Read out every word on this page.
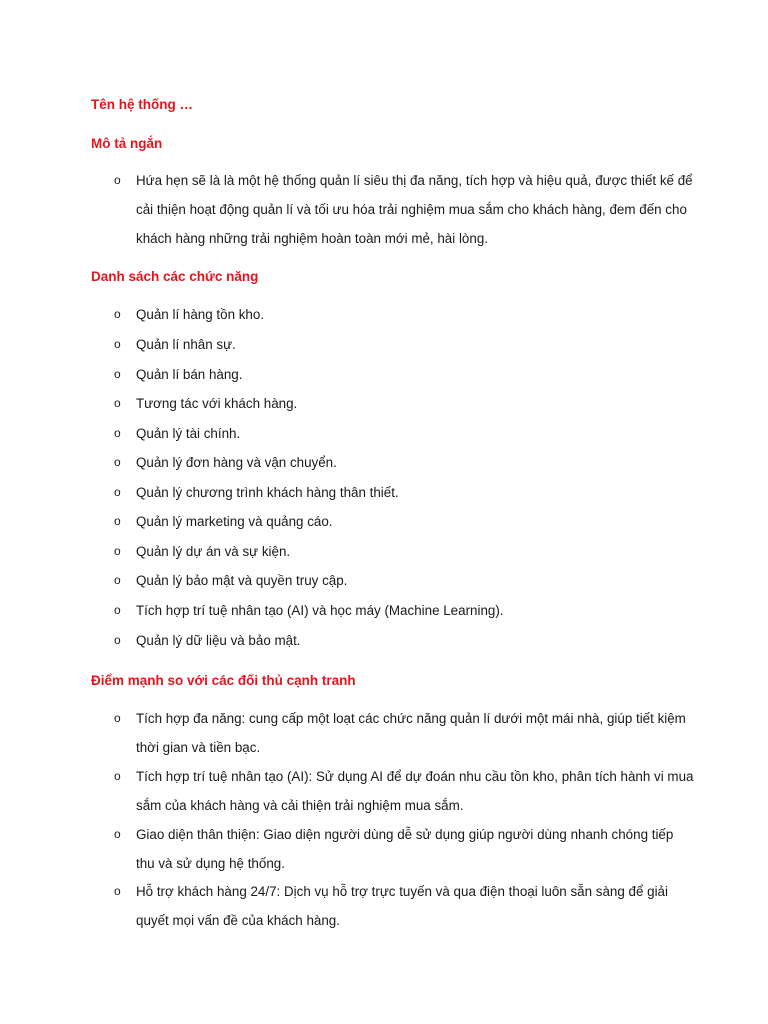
Tên hệ thống …
Mô tả ngắn
o Hứa hẹn sẽ là là một hệ thống quản lí siêu thị đa năng, tích hợp và hiệu quả, được thiết kế để cải thiện hoạt động quản lí và tối ưu hóa trải nghiệm mua sắm cho khách hàng, đem đến cho khách hàng những trải nghiệm hoàn toàn mới mẻ, hài lòng.
Danh sách các chức năng
o Quản lí hàng tồn kho.
o Quản lí nhân sự.
o Quản lí bán hàng.
o Tương tác với khách hàng.
o Quản lý tài chính.
o Quản lý đơn hàng và vận chuyển.
o Quản lý chương trình khách hàng thân thiết.
o Quản lý marketing và quảng cáo.
o Quản lý dự án và sự kiện.
o Quản lý bảo mật và quyền truy cập.
o Tích hợp trí tuệ nhân tạo (AI) và học máy (Machine Learning).
o Quản lý dữ liệu và bảo mật.
Điểm mạnh so với các đối thủ cạnh tranh
o Tích hợp đa năng: cung cấp một loạt các chức năng quản lí dưới một mái nhà, giúp tiết kiệm thời gian và tiền bạc.
o Tích hợp trí tuệ nhân tạo (AI): Sử dụng AI để dự đoán nhu cầu tồn kho, phân tích hành vi mua sắm của khách hàng và cải thiện trải nghiệm mua sắm.
o Giao diện thân thiện: Giao diện người dùng dễ sử dụng giúp người dùng nhanh chóng tiếp thu và sử dụng hệ thống.
o Hỗ trợ khách hàng 24/7: Dịch vụ hỗ trợ trực tuyến và qua điện thoại luôn sẵn sàng để giải quyết mọi vấn đề của khách hàng.
